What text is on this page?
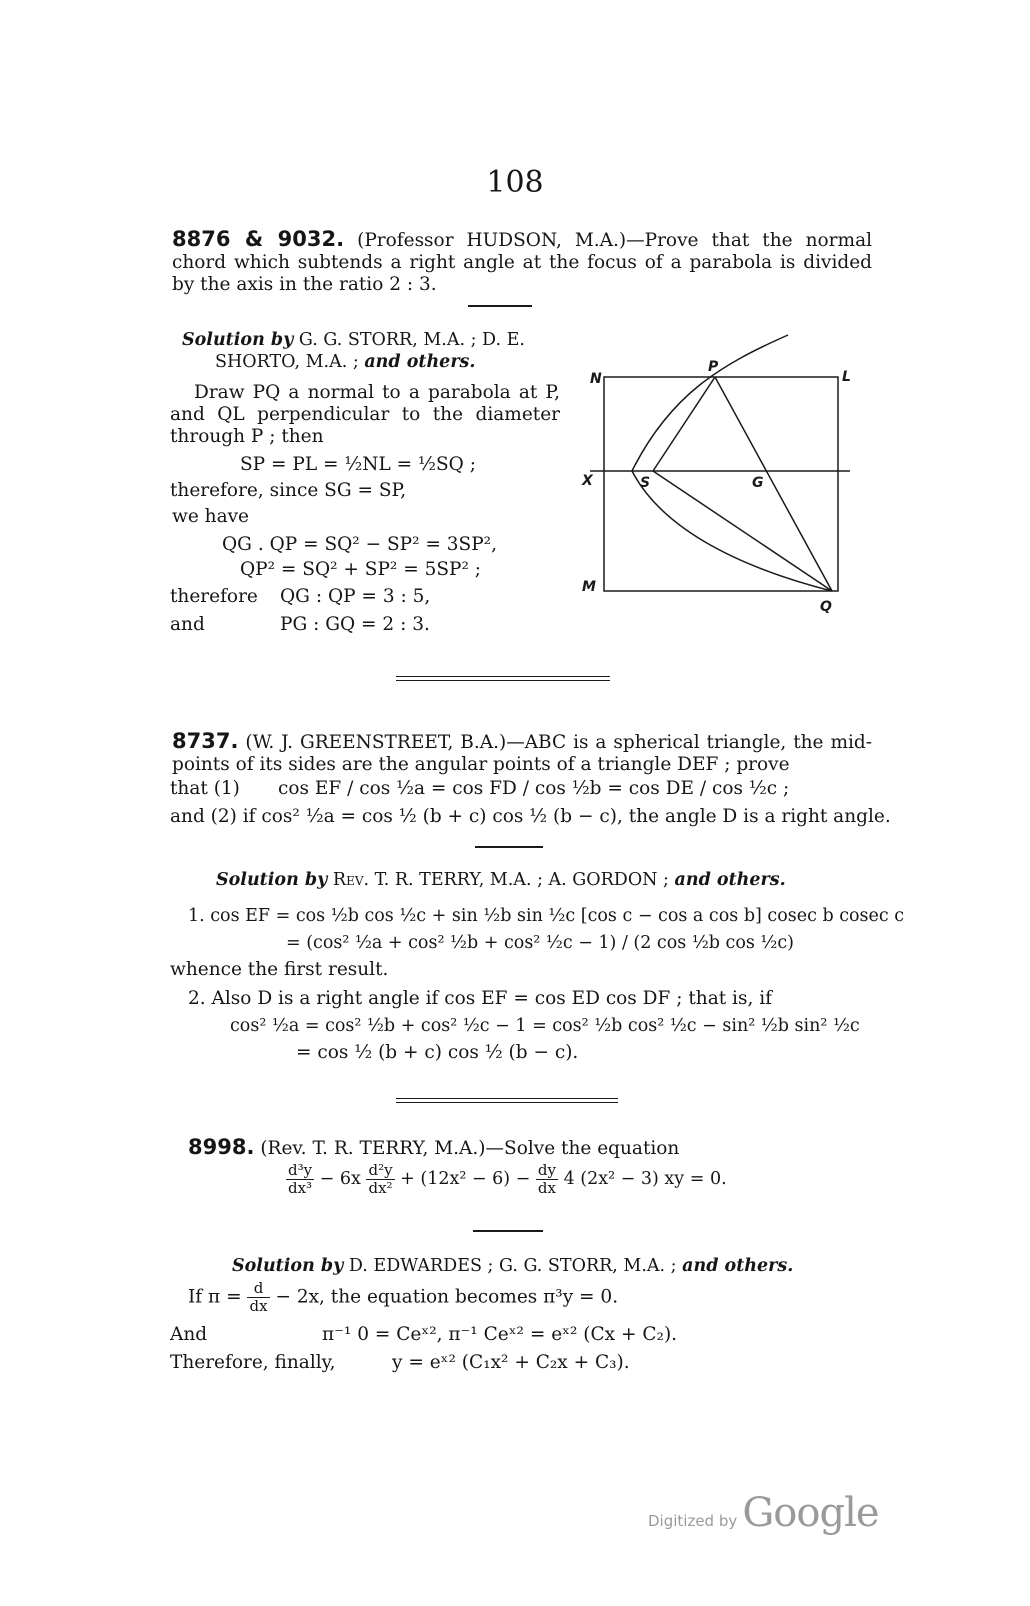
108
8876 & 9032. (Professor HUDSON, M.A.)—Prove that the normal chord which subtends a right angle at the focus of a parabola is divided by the axis in the ratio 2 : 3.
Solution by G. G. STORR, M.A. ; D. E.
SHORTO, M.A. ; and others.
Draw PQ a normal to a parabola at P, and QL perpendicular to the diameter through P ; then
SP = PL = ½NL = ½SQ ;
therefore, since SG = SP,
we have
QG . QP = SQ² − SP² = 3SP²,
QP² = SQ² + SP² = 5SP² ;
therefore QG : QP = 3 : 5,
and	PG : GQ = 2 : 3.
N
P
L
X	S	G
M
Q
8737. (W. J. GREENSTREET, B.A.)—ABC is a spherical triangle, the mid-points of its sides are the angular points of a triangle DEF ; prove
that (1) cos EF / cos ½a = cos FD / cos ½b = cos DE / cos ½c ;
and (2) if cos² ½a = cos ½ (b + c) cos ½ (b − c), the angle D is a right angle.
Solution by Rev. T. R. TERRY, M.A. ; A. GORDON ; and others.
1. cos EF = cos ½b cos ½c + sin ½b sin ½c [cos c − cos a cos b] cosec b cosec c
= (cos² ½a + cos² ½b + cos² ½c − 1) / (2 cos ½b cos ½c)
whence the first result.
2. Also D is a right angle if cos EF = cos ED cos DF ; that is, if
cos² ½a = cos² ½b + cos² ½c − 1 = cos² ½b cos² ½c − sin² ½b sin² ½c
= cos ½ (b + c) cos ½ (b − c).
8998. (Rev. T. R. TERRY, M.A.)—Solve the equation
$\frac{\text{d³y}}{\text{dx³}} - 6x \frac{\text{d²y}}{\text{dx²}} + (12x^2 - 6) - \frac{dy}{dx} 4$ (2x² − 3) xy = 0.
Solution by D. EDWARDES ; G. G. STORR, M.A. ; and others.
If $\pi = \frac{d}{dx} - 2x$, the equation becomes π³y = 0.
And	π⁻¹ 0 = Ceˣ², π⁻¹ Ceˣ² = eˣ² (Cx + C₂).
Therefore, finally,	y = eˣ² (C₁x² + C₂x + C₃).
Digitized by Google
